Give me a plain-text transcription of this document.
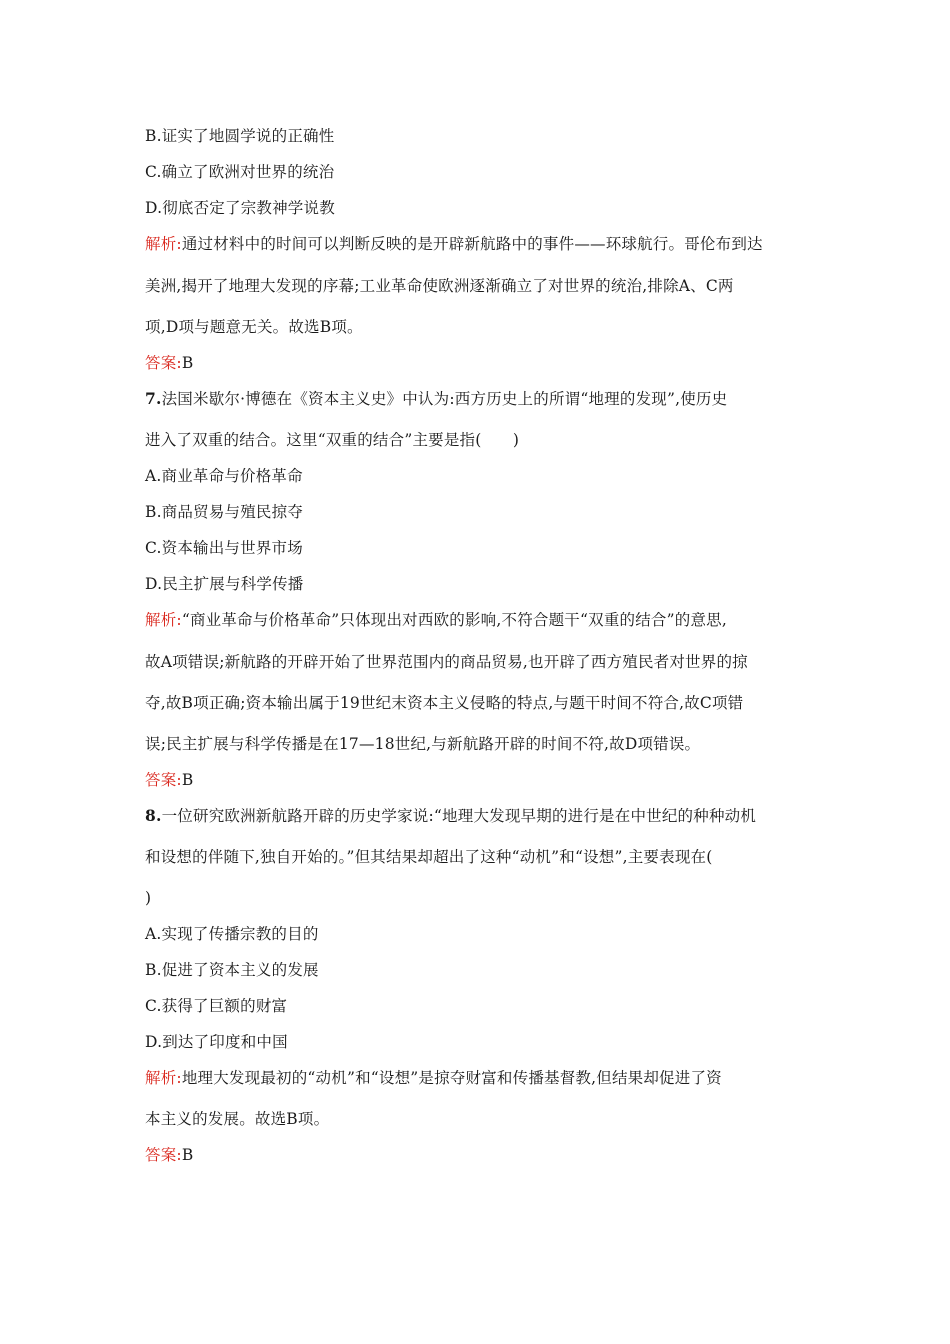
B.证实了地圆学说的正确性
C.确立了欧洲对世界的统治
D.彻底否定了宗教神学说教
解析:通过材料中的时间可以判断反映的是开辟新航路中的事件——环球航行。哥伦布到达
美洲,揭开了地理大发现的序幕;工业革命使欧洲逐渐确立了对世界的统治,排除A、C两
项,D项与题意无关。故选B项。
答案:B
7.法国米歇尔·博德在《资本主义史》中认为:西方历史上的所谓“地理的发现”,使历史
进入了双重的结合。这里“双重的结合”主要是指(　　)
A.商业革命与价格革命
B.商品贸易与殖民掠夺
C.资本输出与世界市场
D.民主扩展与科学传播
解析:“商业革命与价格革命”只体现出对西欧的影响,不符合题干“双重的结合”的意思,
故A项错误;新航路的开辟开始了世界范围内的商品贸易,也开辟了西方殖民者对世界的掠
夺,故B项正确;资本输出属于19世纪末资本主义侵略的特点,与题干时间不符合,故C项错
误;民主扩展与科学传播是在17—18世纪,与新航路开辟的时间不符,故D项错误。
答案:B
8.一位研究欧洲新航路开辟的历史学家说:“地理大发现早期的进行是在中世纪的种种动机
和设想的伴随下,独自开始的。”但其结果却超出了这种“动机”和“设想”,主要表现在(
)
A.实现了传播宗教的目的
B.促进了资本主义的发展
C.获得了巨额的财富
D.到达了印度和中国
解析:地理大发现最初的“动机”和“设想”是掠夺财富和传播基督教,但结果却促进了资
本主义的发展。故选B项。
答案:B
